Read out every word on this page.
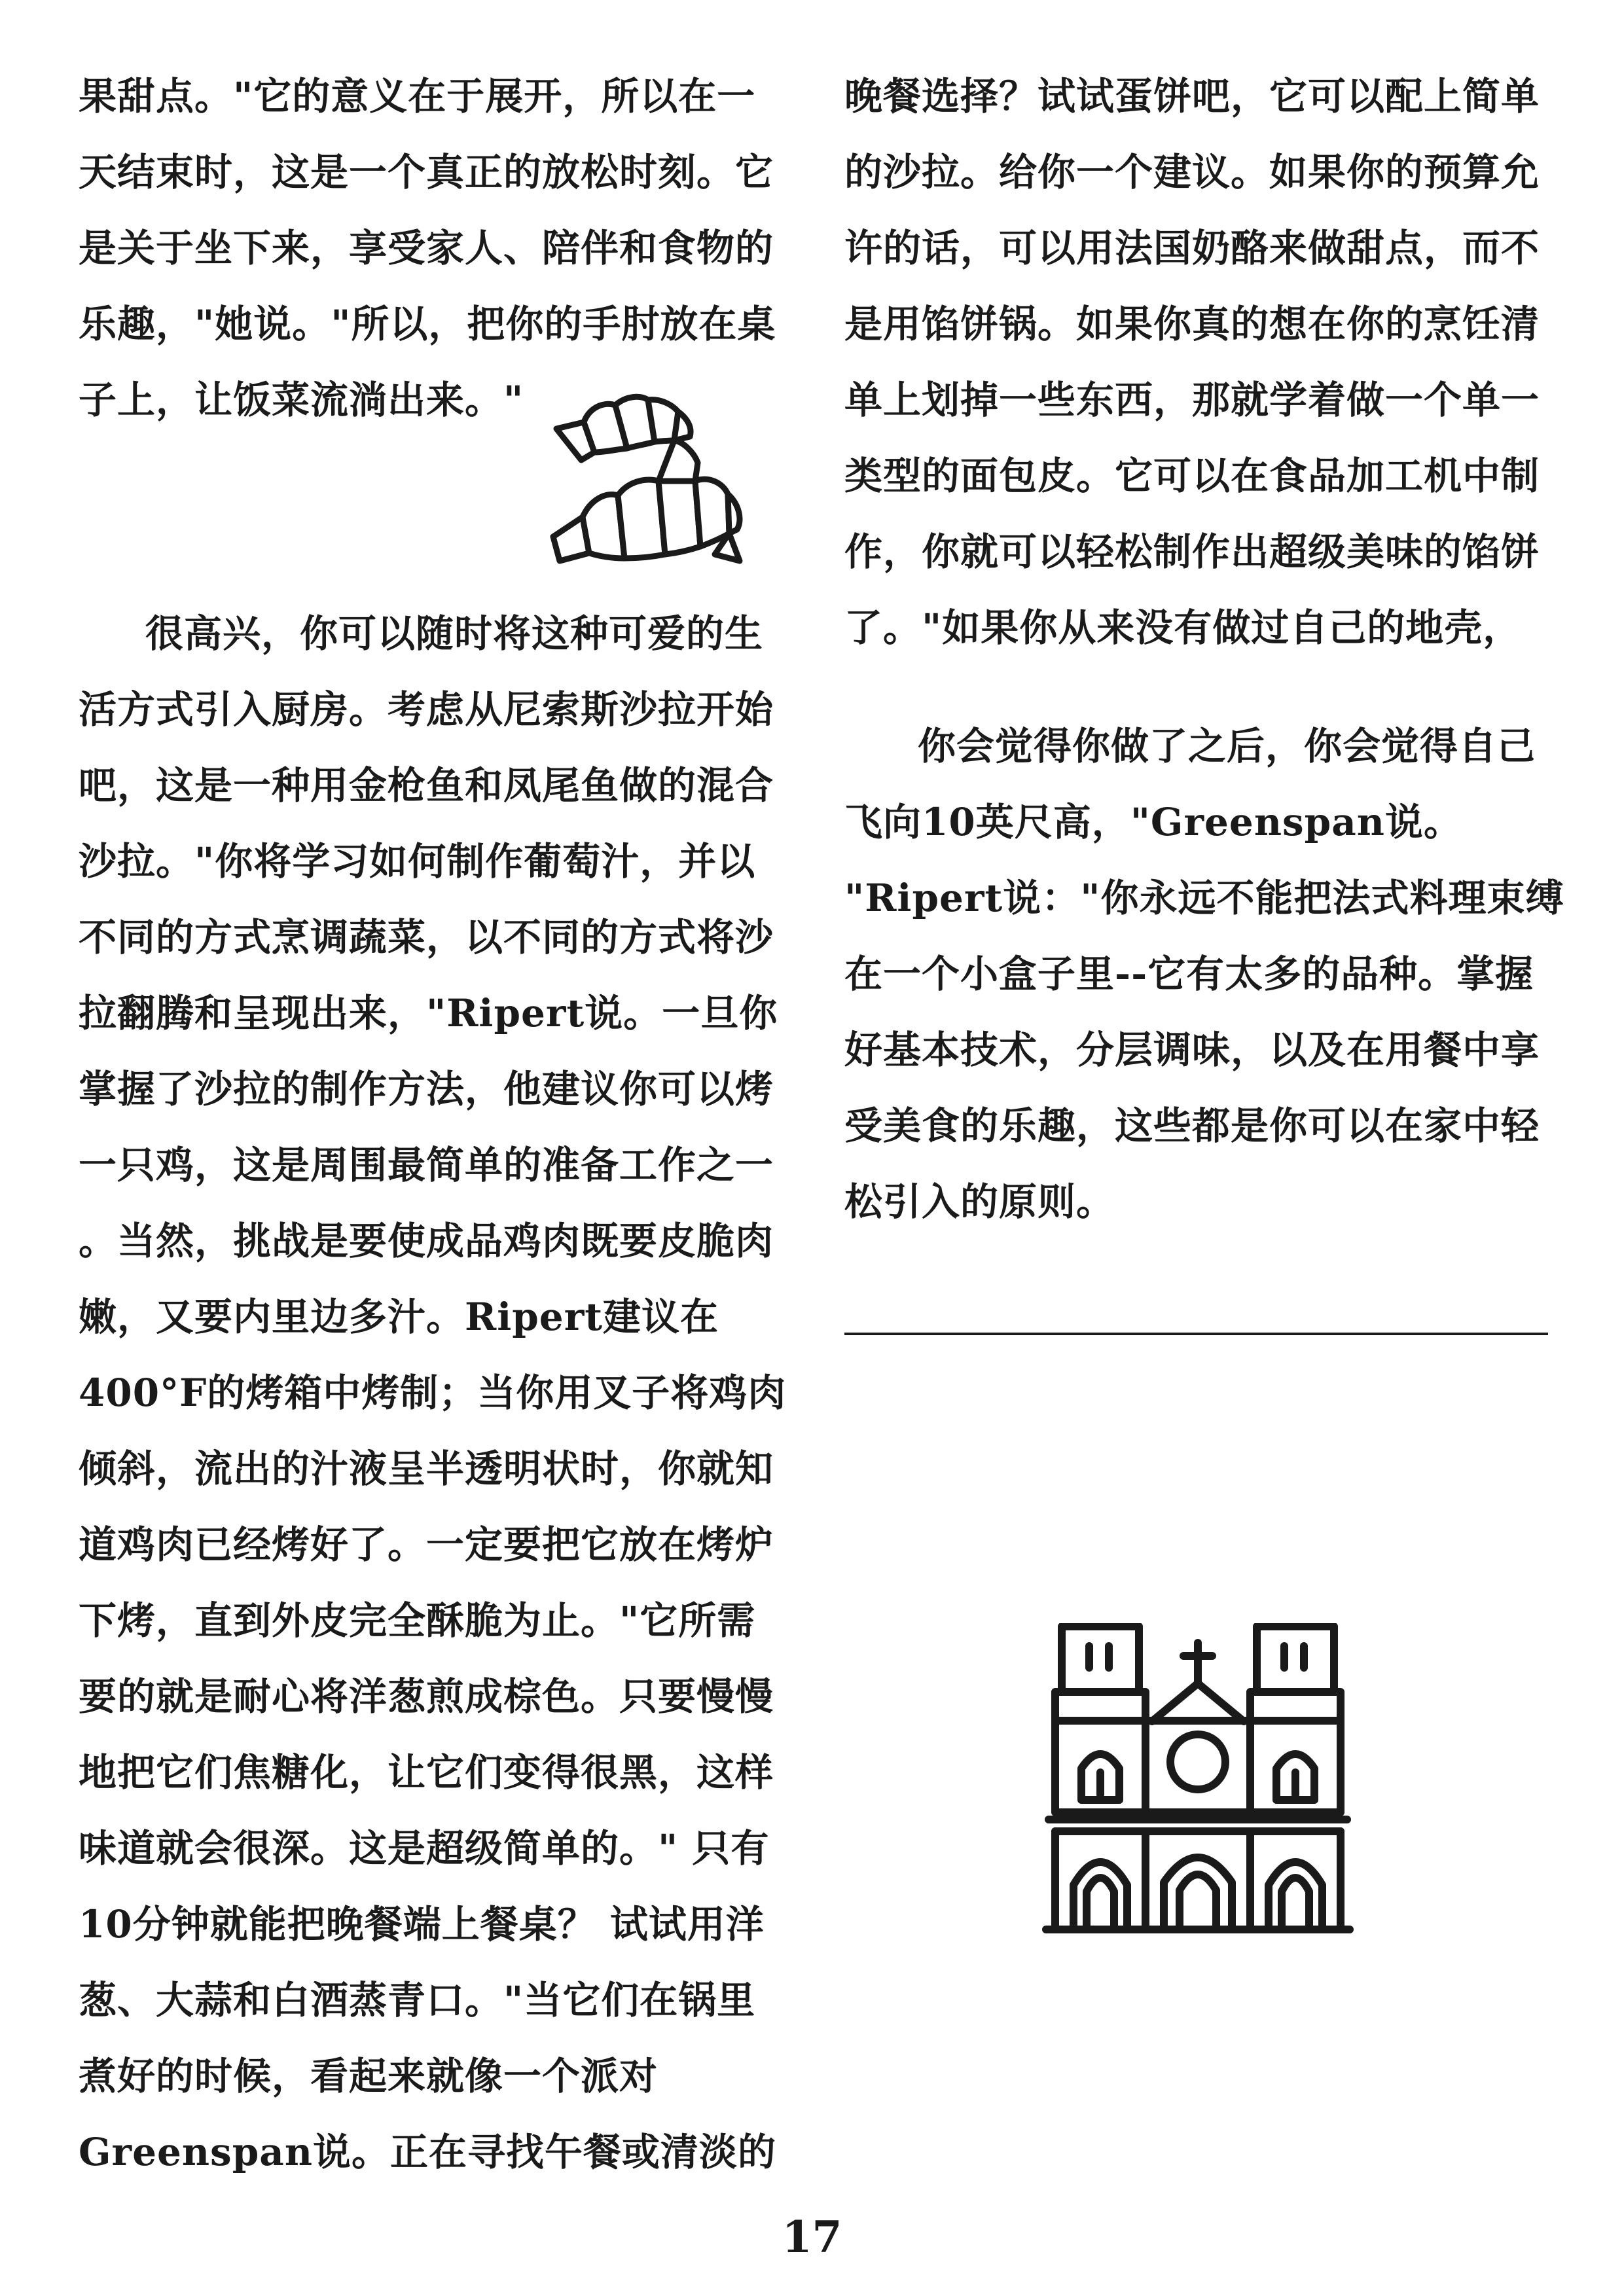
果甜点。"它的意义在于展开，所以在一
天结束时，这是一个真正的放松时刻。它
是关于坐下来，享受家人、陪伴和食物的
乐趣，"她说。"所以，把你的手肘放在桌
子上，让饭菜流淌出来。"
很高兴，你可以随时将这种可爱的生
活方式引入厨房。考虑从尼索斯沙拉开始
吧，这是一种用金枪鱼和凤尾鱼做的混合
沙拉。"你将学习如何制作葡萄汁，并以
不同的方式烹调蔬菜，以不同的方式将沙
拉翻腾和呈现出来，"Ripert说。一旦你
掌握了沙拉的制作方法，他建议你可以烤
一只鸡，这是周围最简单的准备工作之一
。当然，挑战是要使成品鸡肉既要皮脆肉
嫩，又要内里边多汁。Ripert建议在
400°F的烤箱中烤制；当你用叉子将鸡肉
倾斜，流出的汁液呈半透明状时，你就知
道鸡肉已经烤好了。一定要把它放在烤炉
下烤，直到外皮完全酥脆为止。"它所需
要的就是耐心将洋葱煎成棕色。只要慢慢
地把它们焦糖化，让它们变得很黑，这样
味道就会很深。这是超级简单的。" 只有
10分钟就能把晚餐端上餐桌？ 试试用洋
葱、大蒜和白酒蒸青口。"当它们在锅里
煮好的时候，看起来就像一个派对
Greenspan说。正在寻找午餐或清淡的
晚餐选择？试试蛋饼吧，它可以配上简单
的沙拉。给你一个建议。如果你的预算允
许的话，可以用法国奶酪来做甜点，而不
是用馅饼锅。如果你真的想在你的烹饪清
单上划掉一些东西，那就学着做一个单一
类型的面包皮。它可以在食品加工机中制
作，你就可以轻松制作出超级美味的馅饼
了。"如果你从来没有做过自己的地壳，
你会觉得你做了之后，你会觉得自己
飞向10英尺高，"Greenspan说。
"Ripert说："你永远不能把法式料理束缚
在一个小盒子里--它有太多的品种。掌握
好基本技术，分层调味，以及在用餐中享
受美食的乐趣，这些都是你可以在家中轻
松引入的原则。
17
